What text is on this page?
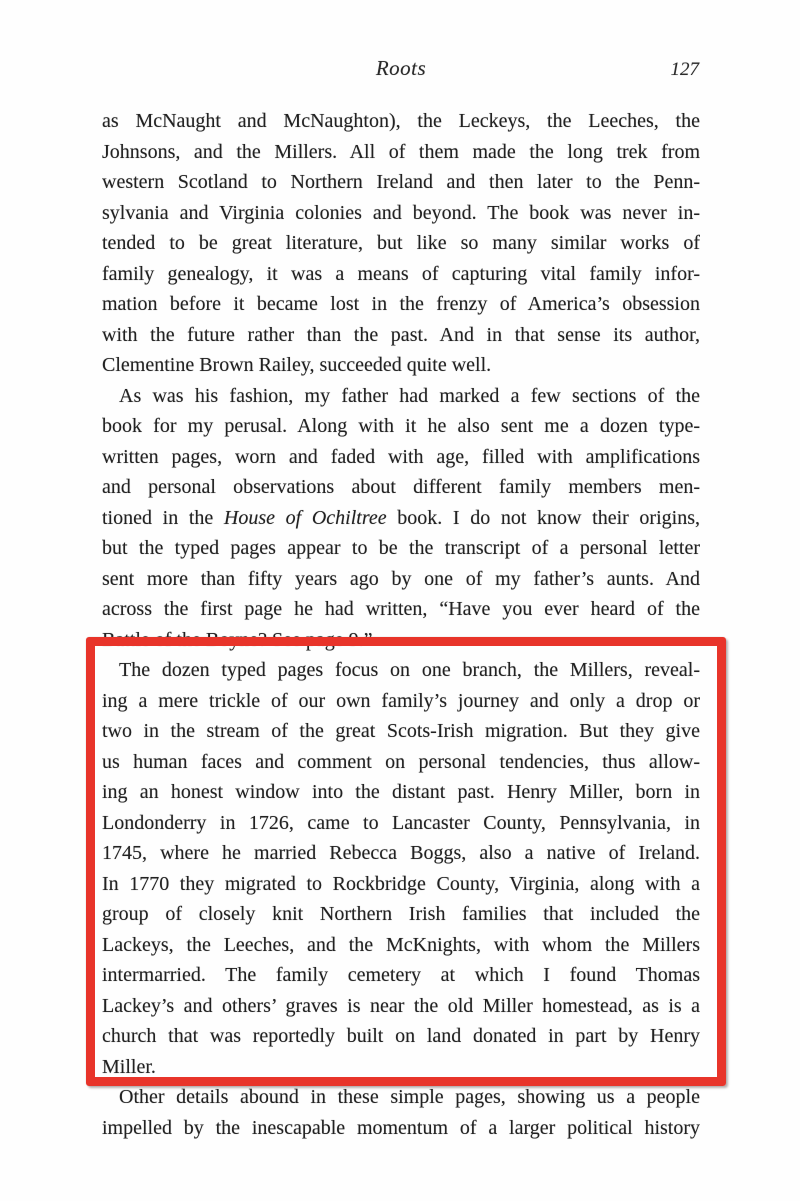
Roots	127
as McNaught and McNaughton), the Leckeys, the Leeches, the
Johnsons, and the Millers. All of them made the long trek from
western Scotland to Northern Ireland and then later to the Penn-
sylvania and Virginia colonies and beyond. The book was never in-
tended to be great literature, but like so many similar works of
family genealogy, it was a means of capturing vital family infor-
mation before it became lost in the frenzy of America’s obsession
with the future rather than the past. And in that sense its author,
Clementine Brown Railey, succeeded quite well.
As was his fashion, my father had marked a few sections of the
book for my perusal. Along with it he also sent me a dozen type-
written pages, worn and faded with age, filled with amplifications
and personal observations about different family members men-
tioned in the House of Ochiltree book. I do not know their origins,
but the typed pages appear to be the transcript of a personal letter
sent more than fifty years ago by one of my father’s aunts. And
across the first page he had written, “Have you ever heard of the
Battle of the Boyne? See page 9.”
The dozen typed pages focus on one branch, the Millers, reveal-
ing a mere trickle of our own family’s journey and only a drop or
two in the stream of the great Scots-Irish migration. But they give
us human faces and comment on personal tendencies, thus allow-
ing an honest window into the distant past. Henry Miller, born in
Londonderry in 1726, came to Lancaster County, Pennsylvania, in
1745, where he married Rebecca Boggs, also a native of Ireland.
In 1770 they migrated to Rockbridge County, Virginia, along with a
group of closely knit Northern Irish families that included the
Lackeys, the Leeches, and the McKnights, with whom the Millers
intermarried. The family cemetery at which I found Thomas
Lackey’s and others’ graves is near the old Miller homestead, as is a
church that was reportedly built on land donated in part by Henry
Miller.
Other details abound in these simple pages, showing us a people
impelled by the inescapable momentum of a larger political history
